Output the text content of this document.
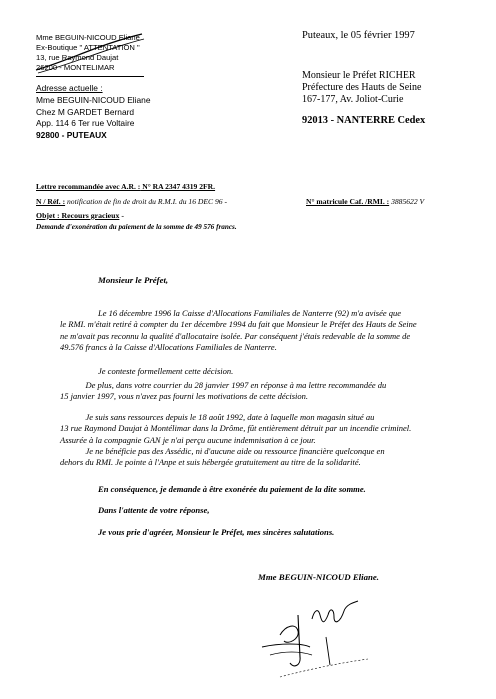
Mme BEGUIN-NICOUD Eliane
Ex-Boutique " ATTENTATION "
13, rue Raymond Daujat
26200 - MONTELIMAR
Adresse actuelle :
Mme BEGUIN-NICOUD Eliane
Chez M GARDET Bernard
App. 114 6 Ter rue Voltaire
92800 - PUTEAUX
Puteaux, le 05 février 1997
Monsieur le Préfet RICHER
Préfecture des Hauts de Seine
167-177, Av. Joliot-Curie
92013 - NANTERRE Cedex
Lettre recommandée avec A.R. : N° RA 2347 4319 2FR.
N / Réf. : notification de fin de droit du R.M.I. du 16 DEC 96 -	N° matricule Caf. /RMI. : 3885622 V
Objet : Recours gracieux -
Demande d'exonération du paiement de la somme de 49 576 francs.
Monsieur le Préfet,
Le 16 décembre 1996 la Caisse d'Allocations Familiales de Nanterre (92) m'a avisée que
le RMI. m'était retiré à compter du 1er décembre 1994 du fait que Monsieur le Préfet des Hauts de Seine
ne m'avait pas reconnu la qualité d'allocataire isolée. Par conséquent j'étais redevable de la somme de
49.576 francs à la Caisse d'Allocations Familiales de Nanterre.
Je conteste formellement cette décision.
De plus, dans votre courrier du 28 janvier 1997 en réponse à ma lettre recommandée du
15 janvier 1997, vous n'avez pas fourni les motivations de cette décision.
Je suis sans ressources depuis le 18 août 1992, date à laquelle mon magasin situé au
13 rue Raymond Daujat à Montélimar dans la Drôme, fût entièrement détruit par un incendie criminel.
Assurée à la compagnie GAN je n'ai perçu aucune indemnisation à ce jour.
Je ne bénéficie pas des Assédic, ni d'aucune aide ou ressource financière quelconque en
dehors du RMI. Je pointe à l'Anpe et suis hébergée gratuitement au titre de la solidarité.
En conséquence, je demande à être exonérée du paiement de la dite somme.
Dans l'attente de votre réponse,
Je vous prie d'agréer, Monsieur le Préfet, mes sincères salutations.
Mme BEGUIN-NICOUD Eliane.
